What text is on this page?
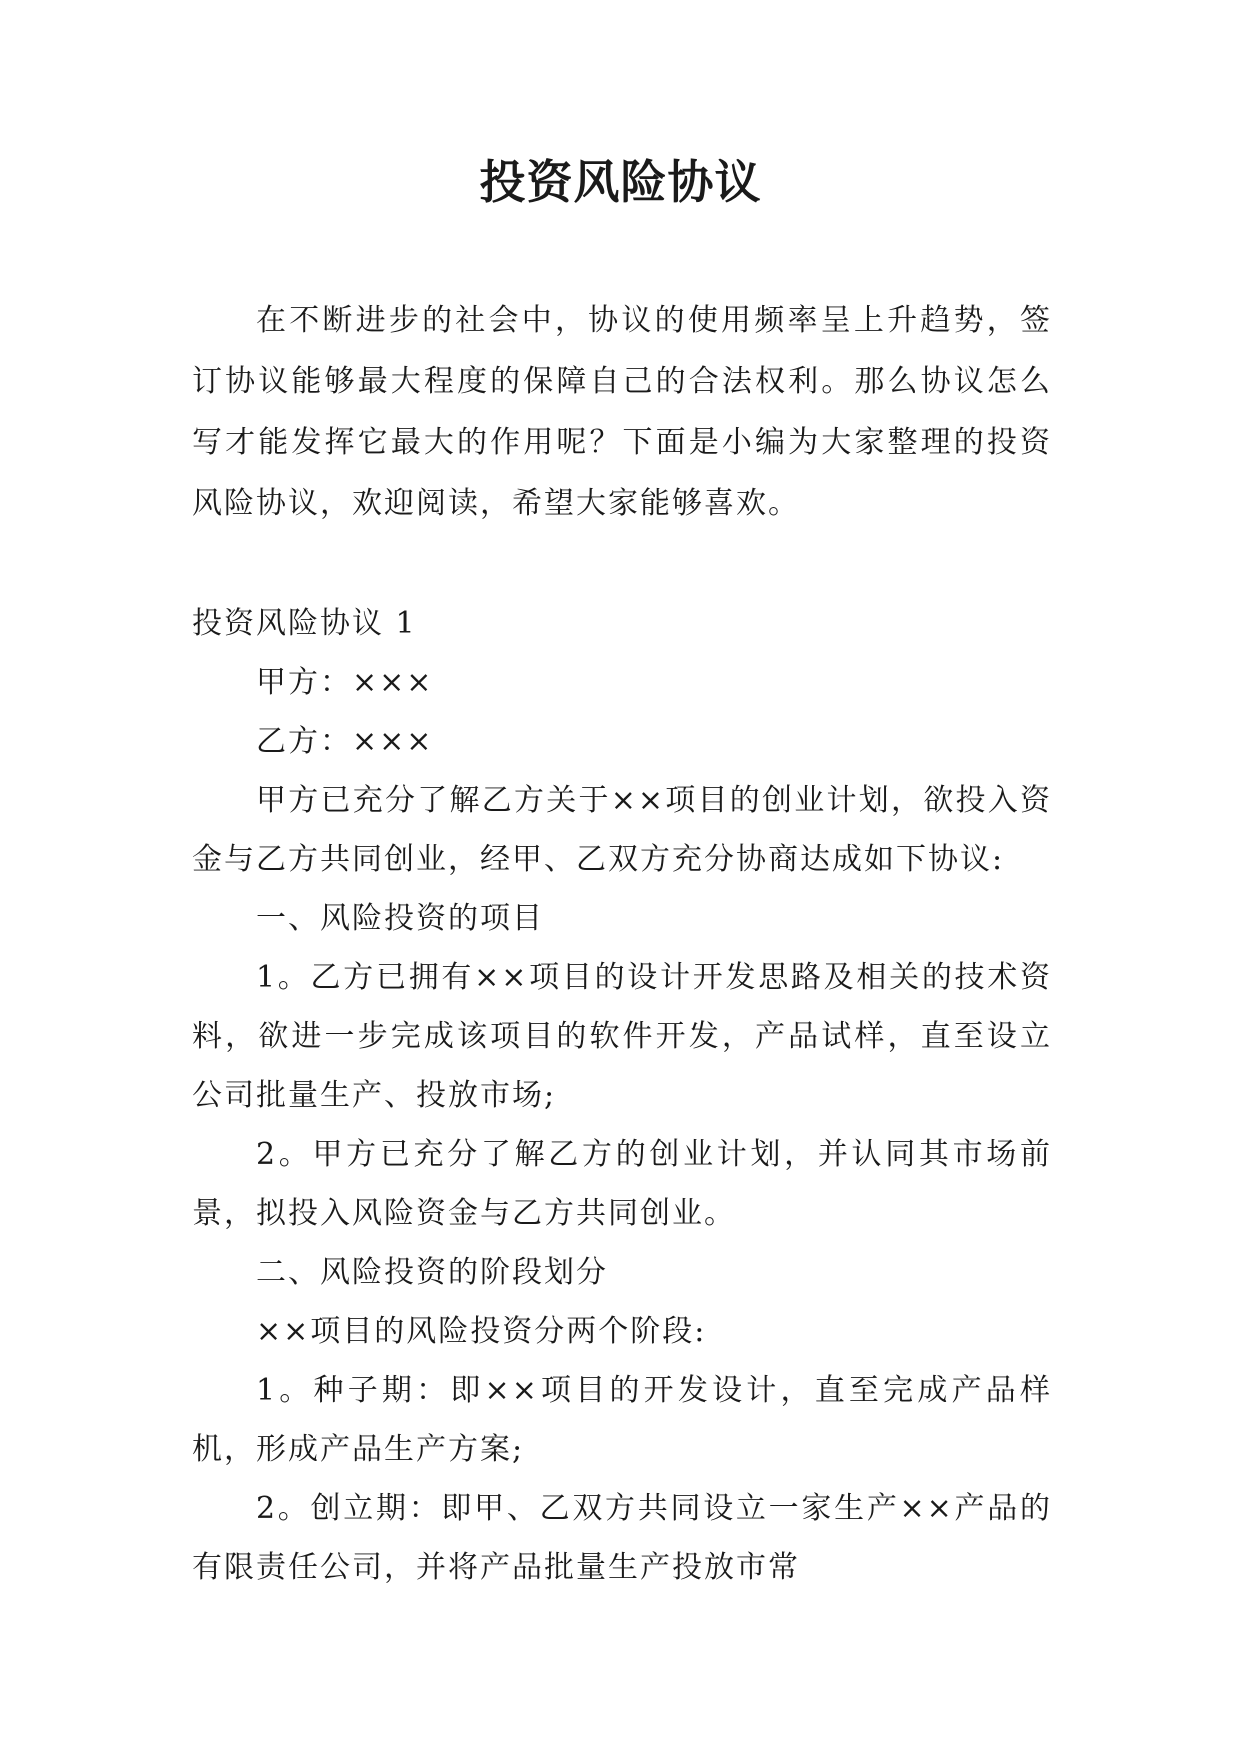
投资风险协议

在不断进步的社会中，协议的使用频率呈上升趋势，签订协议能够最大程度的保障自己的合法权利。那么协议怎么写才能发挥它最大的作用呢？下面是小编为大家整理的投资风险协议，欢迎阅读，希望大家能够喜欢。

投资风险协议 1

甲方：×××

乙方：×××

甲方已充分了解乙方关于××项目的创业计划，欲投入资金与乙方共同创业，经甲、乙双方充分协商达成如下协议:

一、风险投资的项目

1。乙方已拥有××项目的设计开发思路及相关的技术资料，欲进一步完成该项目的软件开发，产品试样，直至设立公司批量生产、投放市场;

2。甲方已充分了解乙方的创业计划，并认同其市场前景，拟投入风险资金与乙方共同创业。

二、风险投资的阶段划分

××项目的风险投资分两个阶段:

1。种子期：即××项目的开发设计，直至完成产品样机，形成产品生产方案;

2。创立期：即甲、乙双方共同设立一家生产××产品的有限责任公司，并将产品批量生产投放市常
